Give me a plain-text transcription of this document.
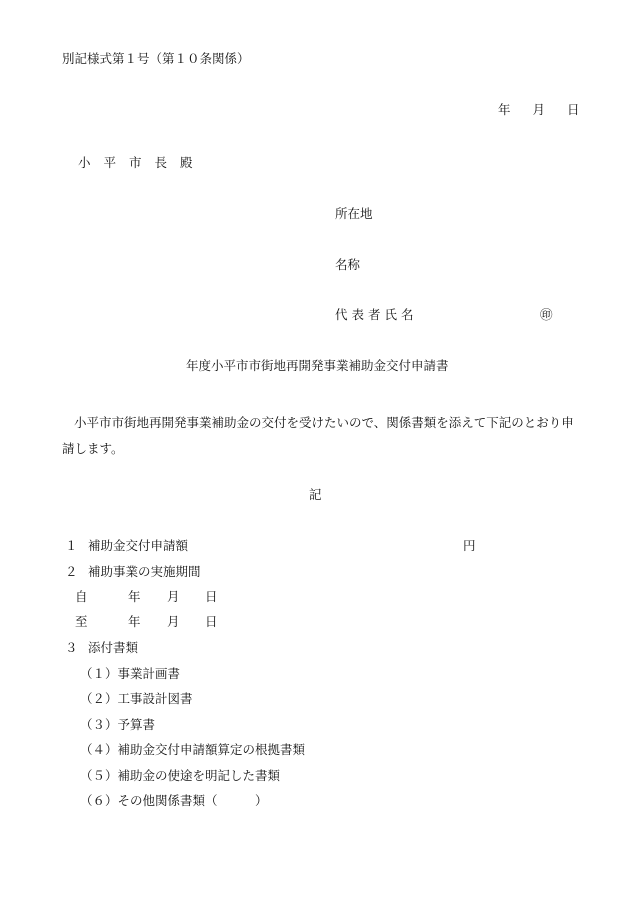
別記様式第１号（第１０条関係）
年 月 日
小平市長殿
所在地
名称
代表者氏名	㊞
年度小平市市街地再開発事業補助金交付申請書
小平市市街地再開発事業補助金の交付を受けたいので、関係書類を添えて下記のとおり申請します。
記
１ 補助金交付申請額	円
２ 補助事業の実施期間
自	年 月 日
至	年 月 日
３ 添付書類
（１）事業計画書
（２）工事設計図書
（３）予算書
（４）補助金交付申請額算定の根拠書類
（５）補助金の使途を明記した書類
（６）その他関係書類（　　　）
